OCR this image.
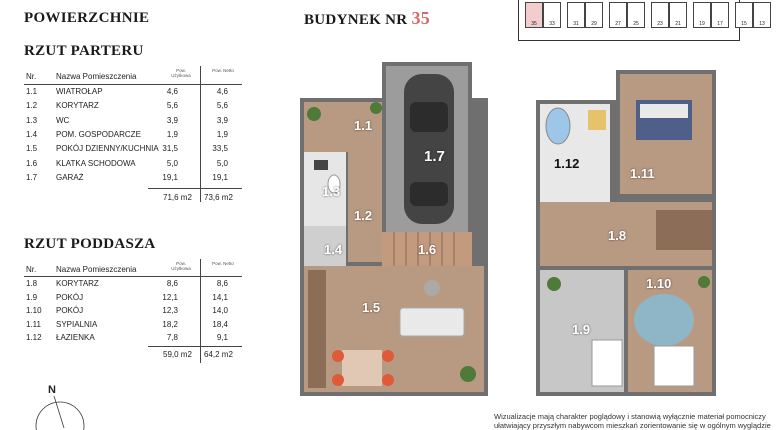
POWIERZCHNIE	BUDYNEK NR 35
RZUT PARTERU
RZUT PODDASZA
Pow. Użytkowa
Pow. Netto
Nr. Nazwa Pomieszczenia
1.1 WIATROŁAP	4,6	4,6
1.2 KORYTARZ	5,6	5,6
1.3 WC	3,9	3,9
1.4 POM. GOSPODARCZE	1,9	1,9
1.5 POKÓJ DZIENNY/KUCHNIA 31,5	33,5
1.6 KLATKA SCHODOWA	5,0	5,0
1.7 GARAŻ	19,1	19,1
71,6 m2 73,6 m2
Pow. Użytkowa
Pow. Netto
Nr. Nazwa Pomieszczenia
1.8 KORYTARZ	8,6	8,6
1.9 POKÓJ	12,1	14,1
1.10 POKÓJ	12,3	14,0
1.11 SYPIALNIA	18,2	18,4
1.12 ŁAZIENKA	7,8	9,1
59,0 m2 64,2 m2
35	33	31	29	27	25	23	21	19	17	15	13
1.1
1.7
1.3
1.2
1.4	1.6
1.5
1.12
1.11
1.8
1.10
1.9
N
Wizualizacje mają charakter poglądowy i stanowią wyłącznie materiał pomocniczy
ułatwiający przyszłym nabywcom mieszkań zorientowanie się w ogólnym wyglądzie
